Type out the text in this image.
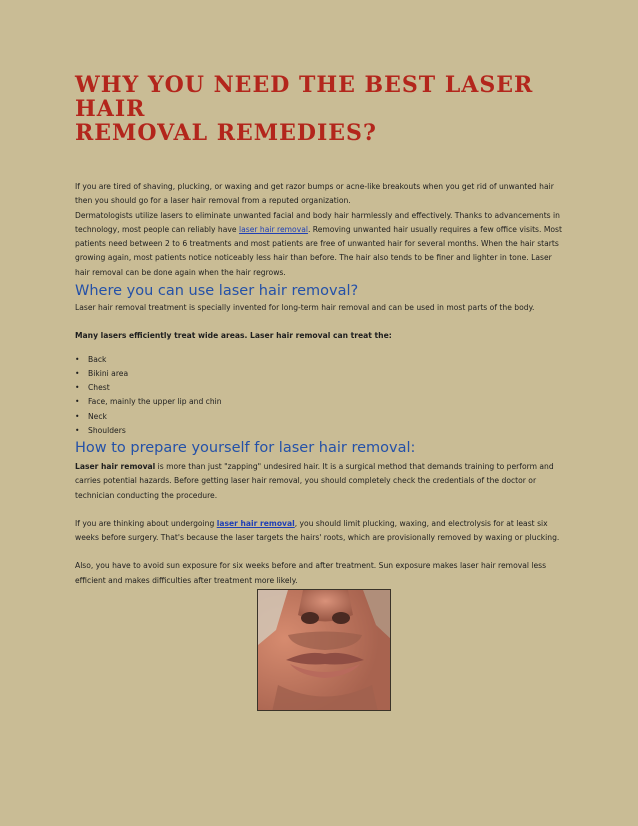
WHY YOU NEED THE BEST LASER HAIR
REMOVAL REMEDIES?

If you are tired of shaving, plucking, or waxing and get razor bumps or acne-like breakouts when you get rid of unwanted hair then you should go for a laser hair removal from a reputed organization.

Dermatologists utilize lasers to eliminate unwanted facial and body hair harmlessly and effectively. Thanks to advancements in technology, most people can reliably have laser hair removal. Removing unwanted hair usually requires a few office visits. Most patients need between 2 to 6 treatments and most patients are free of unwanted hair for several months. When the hair starts growing again, most patients notice noticeably less hair than before. The hair also tends to be finer and lighter in tone. Laser hair removal can be done again when the hair regrows.

Where you can use laser hair removal?

Laser hair removal treatment is specially invented for long-term hair removal and can be used in most parts of the body.

Many lasers efficiently treat wide areas. Laser hair removal can treat the:

• Back
• Bikini area
• Chest
• Face, mainly the upper lip and chin
• Neck
• Shoulders
How to prepare yourself for laser hair removal:

Laser hair removal is more than just "zapping" undesired hair. It is a surgical method that demands training to perform and carries potential hazards. Before getting laser hair removal, you should completely check the credentials of the doctor or technician conducting the procedure.

If you are thinking about undergoing laser hair removal, you should limit plucking, waxing, and electrolysis for at least six weeks before surgery. That's because the laser targets the hairs' roots, which are provisionally removed by waxing or plucking.

Also, you have to avoid sun exposure for six weeks before and after treatment. Sun exposure makes laser hair removal less efficient and makes difficulties after treatment more likely.
